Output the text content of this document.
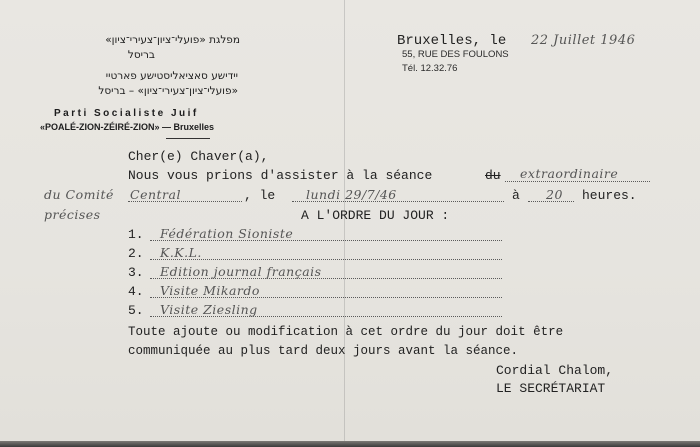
מפלגת «פועלי־ציון־צעירי־ציון»
בריסל
יידישע סאציאליסטישע פארטיי
«פועלי־ציון־צעירי־ציון» – בריסל
Parti Socialiste Juif
«POALÉ-ZION-ZÉIRÉ-ZION» — Bruxelles
Bruxelles, le 22 Juillet 1946
55, RUE DES FOULONS
Tél. 12.32.76
Cher(e) Chaver(a),
Nous vous prions d'assister à la séance	du extraordinaire
du Comité Central	, le lundi 29/7/46	à 20 heures.
précises	A L'ORDRE DU JOUR :
1. Fédération Sioniste
2. K.K.L.
3. Edition journal français
4. Visite Mikardo
5. Visite Ziesling
Toute ajoute ou modification à cet ordre du jour doit être
communiquée au plus tard deux jours avant la séance.
Cordial Chalom,
LE SECRÉTARIAT
